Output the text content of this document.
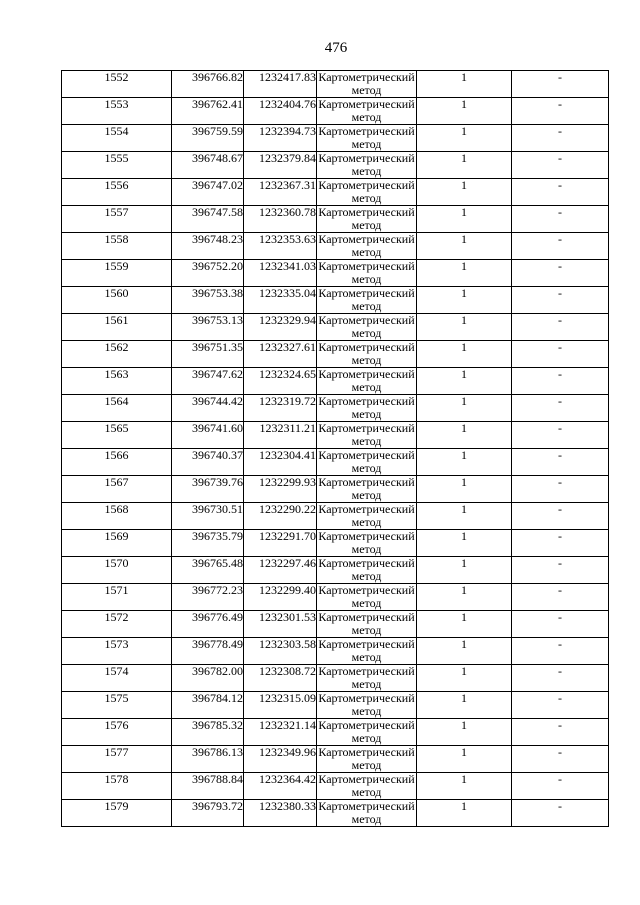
476
1552	396766.82	1232417.83	Картометрический метод	1	-
1553	396762.41	1232404.76	Картометрический метод	1	-
1554	396759.59	1232394.73	Картометрический метод	1	-
1555	396748.67	1232379.84	Картометрический метод	1	-
1556	396747.02	1232367.31	Картометрический метод	1	-
1557	396747.58	1232360.78	Картометрический метод	1	-
1558	396748.23	1232353.63	Картометрический метод	1	-
1559	396752.20	1232341.03	Картометрический метод	1	-
1560	396753.38	1232335.04	Картометрический метод	1	-
1561	396753.13	1232329.94	Картометрический метод	1	-
1562	396751.35	1232327.61	Картометрический метод	1	-
1563	396747.62	1232324.65	Картометрический метод	1	-
1564	396744.42	1232319.72	Картометрический метод	1	-
1565	396741.60	1232311.21	Картометрический метод	1	-
1566	396740.37	1232304.41	Картометрический метод	1	-
1567	396739.76	1232299.93	Картометрический метод	1	-
1568	396730.51	1232290.22	Картометрический метод	1	-
1569	396735.79	1232291.70	Картометрический метод	1	-
1570	396765.48	1232297.46	Картометрический метод	1	-
1571	396772.23	1232299.40	Картометрический метод	1	-
1572	396776.49	1232301.53	Картометрический метод	1	-
1573	396778.49	1232303.58	Картометрический метод	1	-
1574	396782.00	1232308.72	Картометрический метод	1	-
1575	396784.12	1232315.09	Картометрический метод	1	-
1576	396785.32	1232321.14	Картометрический метод	1	-
1577	396786.13	1232349.96	Картометрический метод	1	-
1578	396788.84	1232364.42	Картометрический метод	1	-
1579	396793.72	1232380.33	Картометрический метод	1	-
